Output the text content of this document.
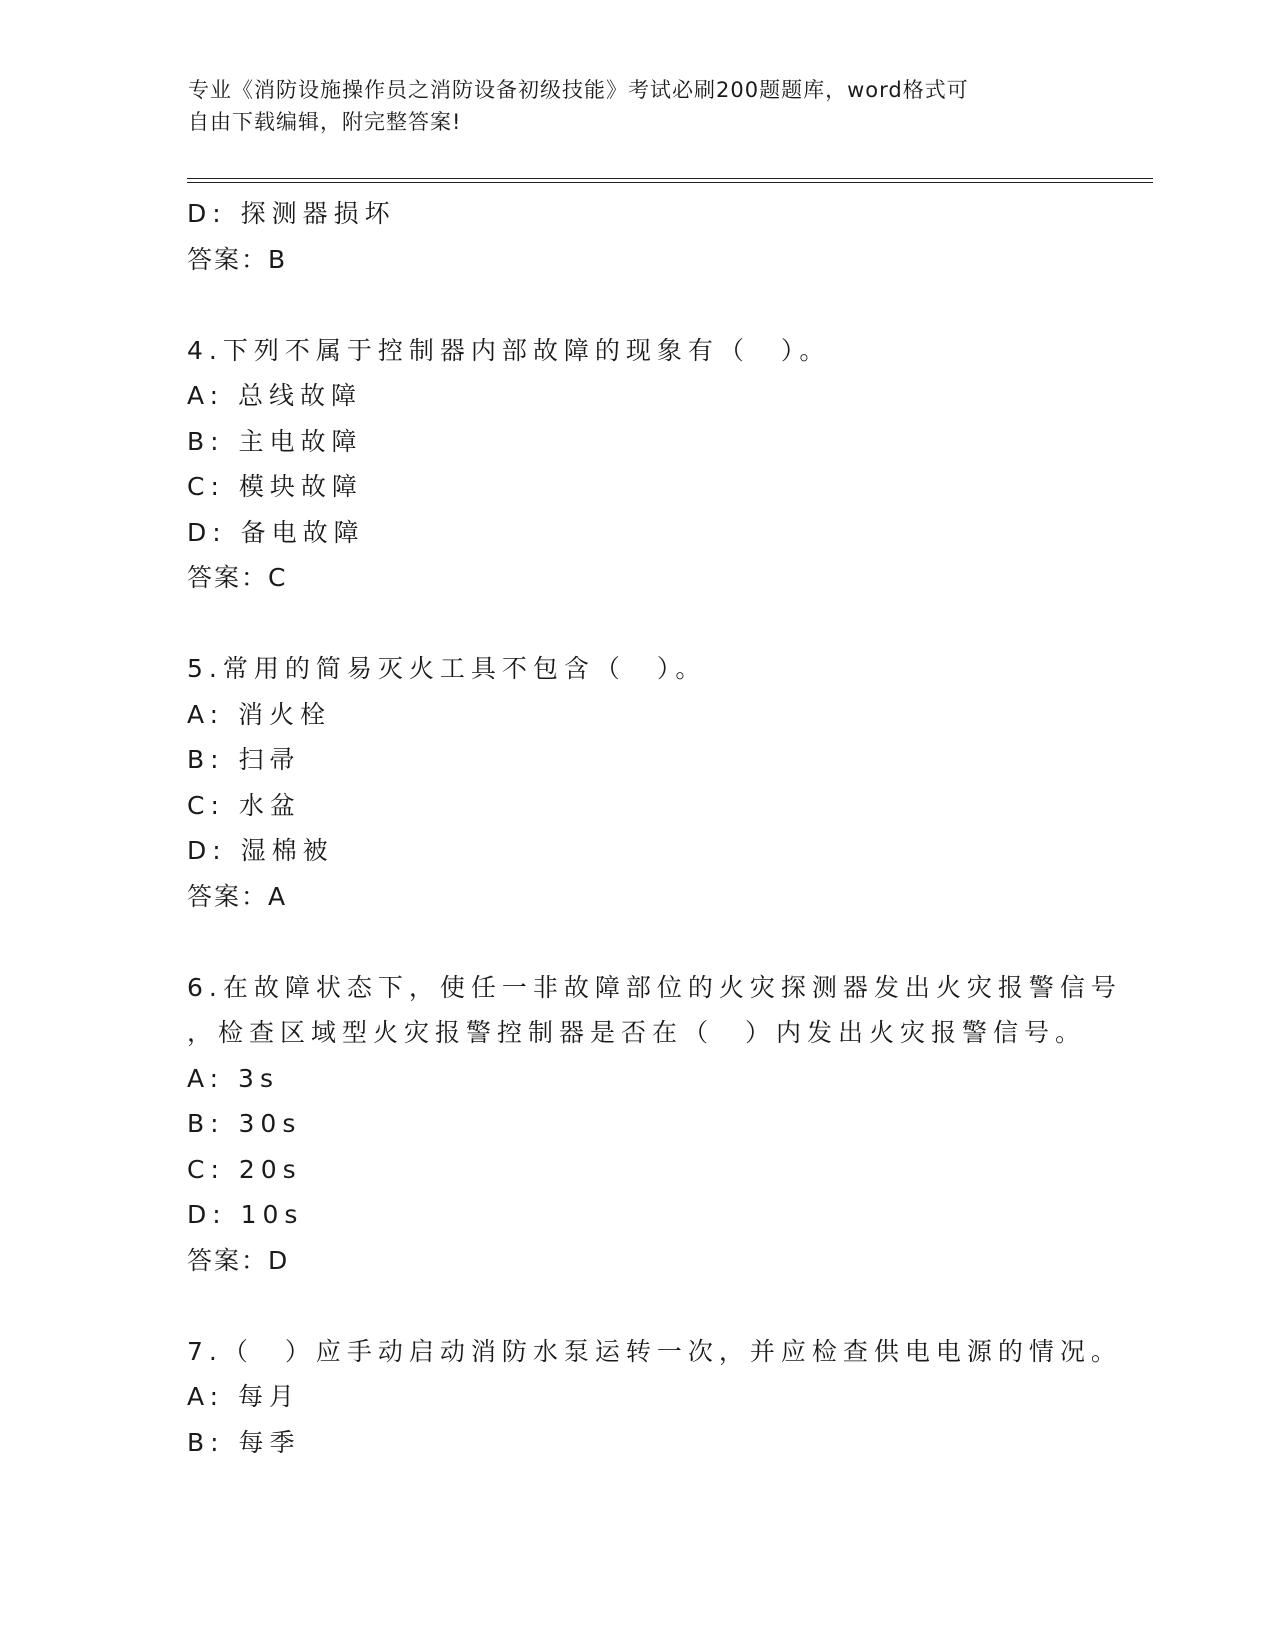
专业《消防设施操作员之消防设备初级技能》考试必刷200题题库，word格式可
自由下载编辑，附完整答案!
D: 探测器损坏
答案：B
4.下列不属于控制器内部故障的现象有（　）。
A: 总线故障
B: 主电故障
C: 模块故障
D: 备电故障
答案：C
5.常用的简易灭火工具不包含（　）。
A: 消火栓
B: 扫帚
C: 水盆
D: 湿棉被
答案：A
6.在故障状态下，使任一非故障部位的火灾探测器发出火灾报警信号
，检查区域型火灾报警控制器是否在（　）内发出火灾报警信号。
A: 3s
B: 30s
C: 20s
D: 10s
答案：D
7.（　）应手动启动消防水泵运转一次，并应检查供电电源的情况。
A: 每月
B: 每季
